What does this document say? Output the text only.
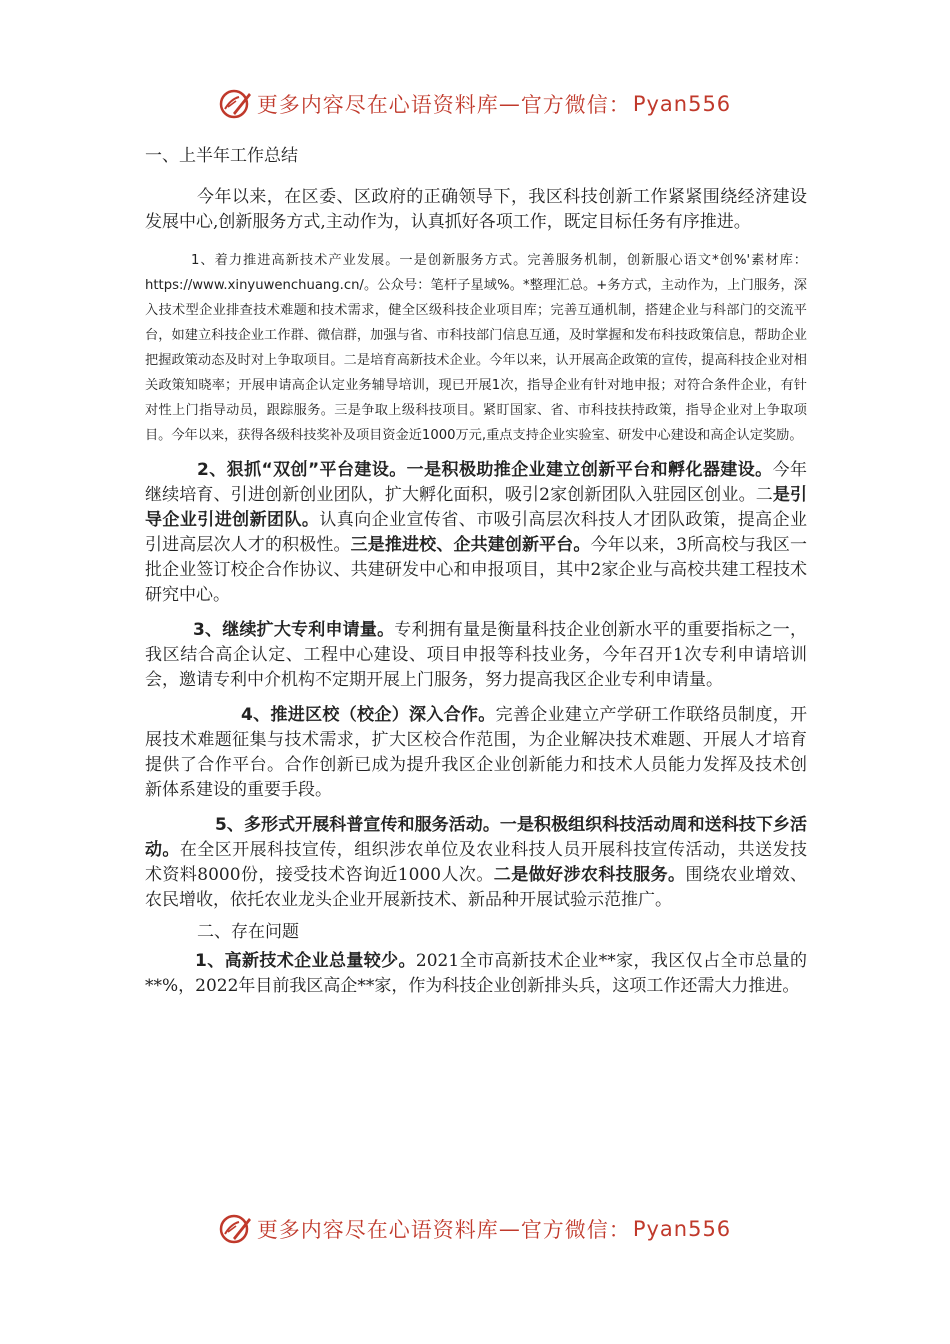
更多内容尽在心语资料库 — 官方微信： Pyan556
一、上半年工作总结

今年以来，在区委、区政府的正确领导下，我区科技创新工作紧紧围绕经济建设发展中心,创新服务方式,主动作为，认真抓好各项工作，既定目标任务有序推进。

1、着力推进高新技术产业发展。一是创新服务方式。完善服务机制，创新服心语文*创%'素材库：https://www.xinyuwenchuang.cn/。公众号：笔杆子星域%。*整理汇总。+务方式，主动作为，上门服务，深入技术型企业排查技术难题和技术需求，健全区级科技企业项目库；完善互通机制，搭建企业与科部门的交流平台，如建立科技企业工作群、微信群，加强与省、市科技部门信息互通，及时掌握和发布科技政策信息，帮助企业把握政策动态及时对上争取项目。二是培育高新技术企业。今年以来，认开展高企政策的宣传，提高科技企业对相关政策知晓率；开展申请高企认定业务辅导培训，现已开展1次，指导企业有针对地申报；对符合条件企业，有针对性上门指导动员，跟踪服务。三是争取上级科技项目。紧盯国家、省、市科技扶持政策，指导企业对上争取项目。今年以来，获得各级科技奖补及项目资金近1000万元,重点支持企业实验室、研发中心建设和高企认定奖励。

2、狠抓“双创”平台建设。一是积极助推企业建立创新平台和孵化器建设。今年继续培育、引进创新创业团队，扩大孵化面积，吸引2家创新团队入驻园区创业。二是引导企业引进创新团队。认真向企业宣传省、市吸引高层次科技人才团队政策，提高企业引进高层次人才的积极性。三是推进校、企共建创新平台。今年以来，3所高校与我区一批企业签订校企合作协议、共建研发中心和申报项目，其中2家企业与高校共建工程技术研究中心。

3、继续扩大专利申请量。专利拥有量是衡量科技企业创新水平的重要指标之一，我区结合高企认定、工程中心建设、项目申报等科技业务，今年召开1次专利申请培训会，邀请专利中介机构不定期开展上门服务，努力提高我区企业专利申请量。

4、推进区校（校企）深入合作。完善企业建立产学研工作联络员制度，开展技术难题征集与技术需求，扩大区校合作范围，为企业解决技术难题、开展人才培育提供了合作平台。合作创新已成为提升我区企业创新能力和技术人员能力发挥及技术创新体系建设的重要手段。

5、多形式开展科普宣传和服务活动。一是积极组织科技活动周和送科技下乡活动。在全区开展科技宣传，组织涉农单位及农业科技人员开展科技宣传活动，共送发技术资料8000份，接受技术咨询近1000人次。二是做好涉农科技服务。围绕农业增效、农民增收，依托农业龙头企业开展新技术、新品种开展试验示范推广。

二、存在问题

1、高新技术企业总量较少。2021全市高新技术企业**家，我区仅占全市总量的**%，2022年目前我区高企**家，作为科技企业创新排头兵，这项工作还需大力推进。

更多内容尽在心语资料库 — 官方微信： Pyan556
